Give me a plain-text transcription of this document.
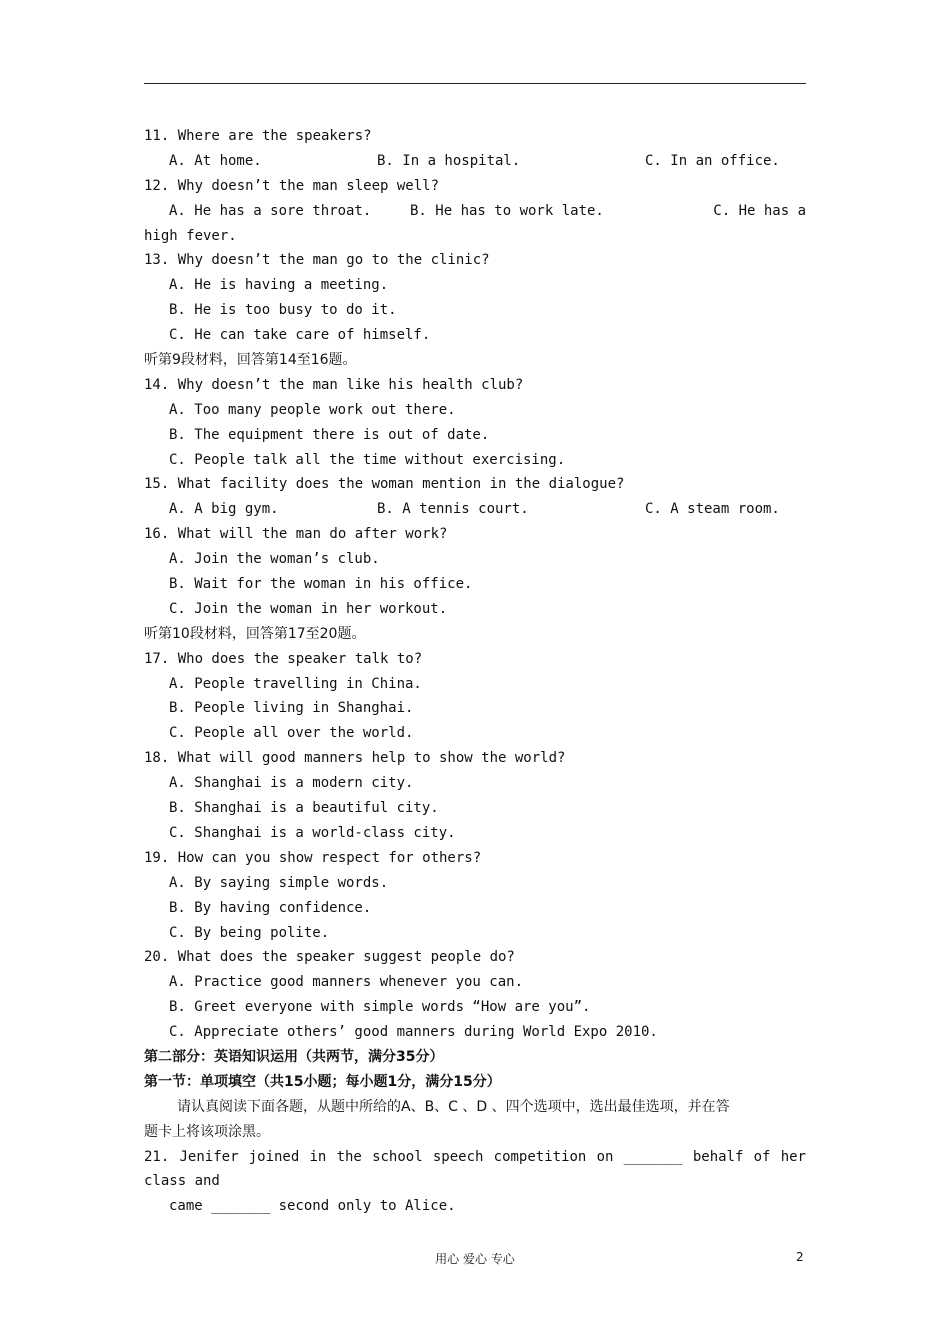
11. Where are the speakers?
A. At home.	B. In a hospital.	C. In an office.
12. Why doesn’t the man sleep well?
A. He has a sore throat.	B. He has to work late.	C. He has a
high fever.
13. Why doesn’t the man go to the clinic?
A. He is having a meeting.
B. He is too busy to do it.
C. He can take care of himself.
听第9段材料，回答第14至16题。
14. Why doesn’t the man like his health club?
A. Too many people work out there.
B. The equipment there is out of date.
C. People talk all the time without exercising.
15. What facility does the woman mention in the dialogue?
A. A big gym.	B. A tennis court.	C. A steam room.
16. What will the man do after work?
A. Join the woman’s club.
B. Wait for the woman in his office.
C. Join the woman in her workout.
听第10段材料，回答第17至20题。
17. Who does the speaker talk to?
A. People travelling in China.
B. People living in Shanghai.
C. People all over the world.
18. What will good manners help to show the world?
A. Shanghai is a modern city.
B. Shanghai is a beautiful city.
C. Shanghai is a world-class city.
19. How can you show respect for others?
A. By saying simple words.
B. By having confidence.
C. By being polite.
20. What does the speaker suggest people do?
A. Practice good manners whenever you can.
B. Greet everyone with simple words “How are you”.
C. Appreciate others’ good manners during World Expo 2010.
第二部分：英语知识运用（共两节，满分35分）
第一节：单项填空（共15小题；每小题1分，满分15分）
请认真阅读下面各题，从题中所给的A、B、C 、D 、四个选项中，选出最佳选项，并在答
题卡上将该项涂黑。
21. Jenifer joined in the school speech competition on _______ behalf of her
class and
came _______ second only to Alice.
用心 爱心 专心	2
